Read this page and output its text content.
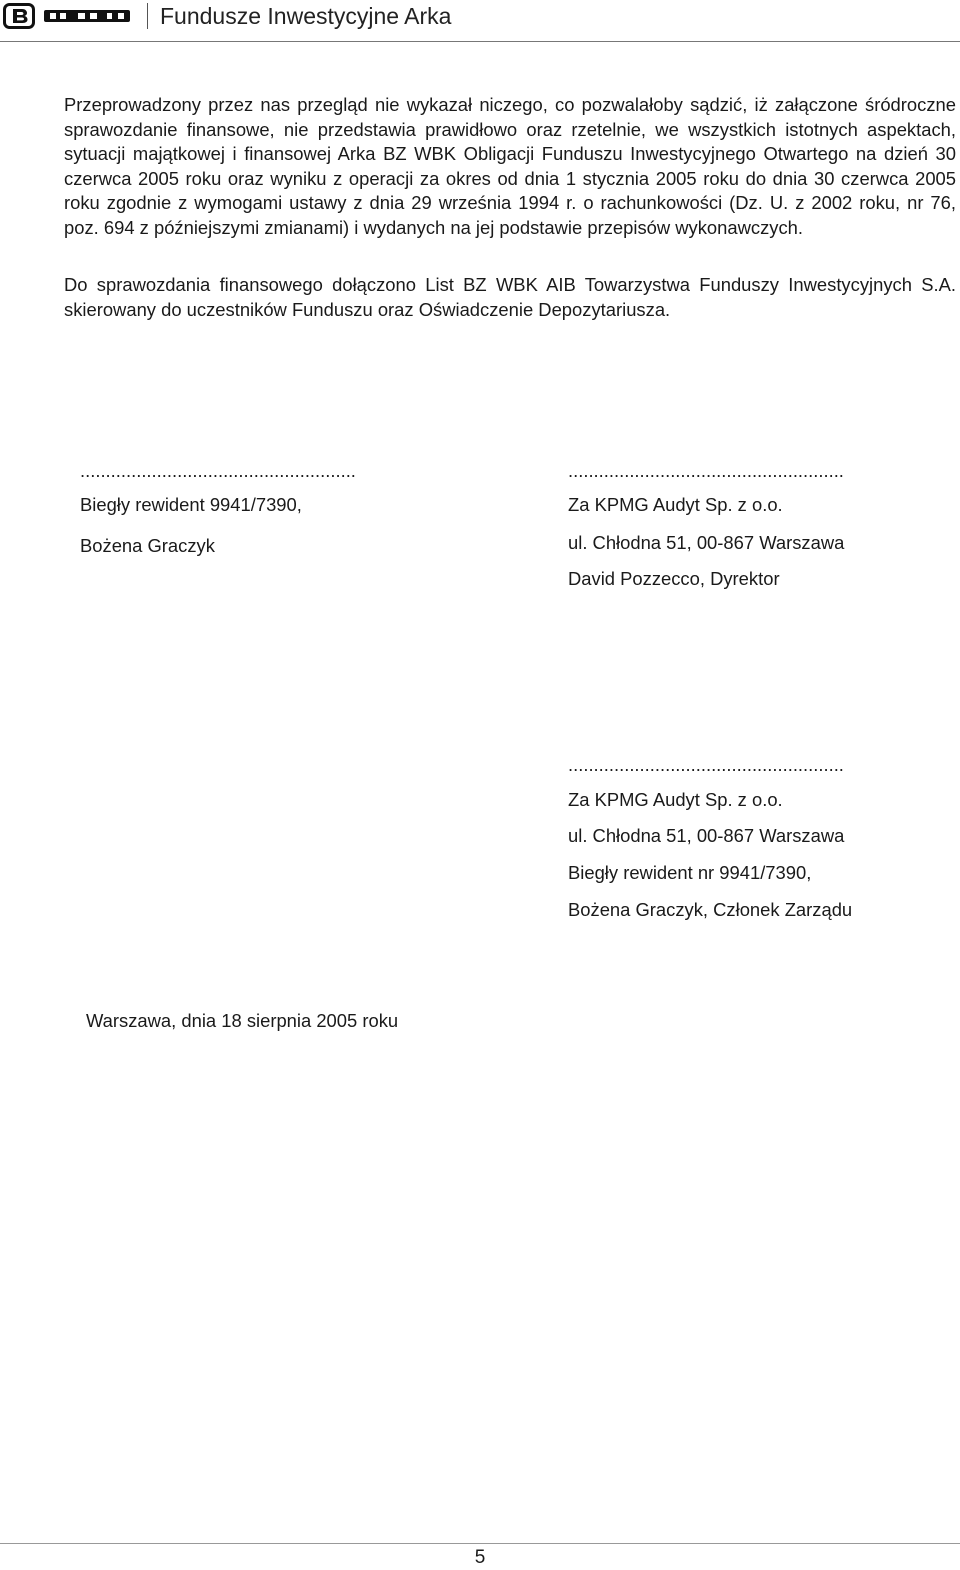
Fundusze Inwestycyjne Arka

Przeprowadzony przez nas przegląd nie wykazał niczego, co pozwalałoby sądzić, iż załączone śródroczne sprawozdanie finansowe, nie przedstawia prawidłowo oraz rzetelnie, we wszystkich istotnych aspektach, sytuacji majątkowej i finansowej Arka BZ WBK Obligacji Funduszu Inwestycyjnego Otwartego na dzień 30 czerwca 2005 roku oraz wyniku z operacji za okres od dnia 1 stycznia 2005 roku do dnia 30 czerwca 2005 roku zgodnie z wymogami ustawy z dnia 29 września 1994 r. o rachunkowości (Dz. U. z 2002 roku, nr 76, poz. 694 z późniejszymi zmianami) i wydanych na jej podstawie przepisów wykonawczych.

Do sprawozdania finansowego dołączono List BZ WBK AIB Towarzystwa Funduszy Inwestycyjnych S.A. skierowany do uczestników Funduszu oraz Oświadczenie Depozytariusza.

......................................................
Biegły rewident 9941/7390,
Bożena Graczyk
......................................................
Za KPMG Audyt Sp. z o.o.
ul. Chłodna 51, 00-867 Warszawa
David Pozzecco, Dyrektor
......................................................
Za KPMG Audyt Sp. z o.o.
ul. Chłodna 51, 00-867 Warszawa
Biegły rewident nr 9941/7390,
Bożena Graczyk, Członek Zarządu
Warszawa, dnia 18 sierpnia 2005 roku
5
